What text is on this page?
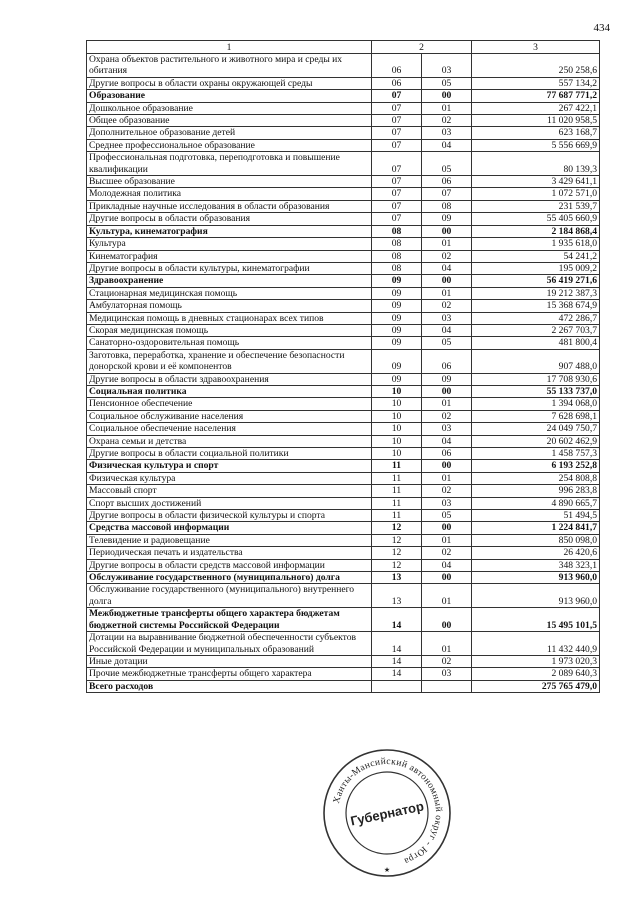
434
1	2		3
Охрана объектов растительного и животного мира и среды их обитания	06	03	250 258,6
Другие вопросы в области охраны окружающей среды	06	05	557 134,2
Образование	07	00	77 687 771,2
Дошкольное образование	07	01	267 422,1
Общее образование	07	02	11 020 958,5
Дополнительное образование детей	07	03	623 168,7
Среднее профессиональное образование	07	04	5 556 669,9
Профессиональная подготовка, переподготовка и повышение квалификации	07	05	80 139,3
Высшее образование	07	06	3 429 641,1
Молодежная политика	07	07	1 072 571,0
Прикладные научные исследования в области образования	07	08	231 539,7
Другие вопросы в области образования	07	09	55 405 660,9
Культура, кинематография	08	00	2 184 868,4
Культура	08	01	1 935 618,0
Кинематография	08	02	54 241,2
Другие вопросы в области культуры, кинематографии	08	04	195 009,2
Здравоохранение	09	00	56 419 271,6
Стационарная медицинская помощь	09	01	19 212 387,3
Амбулаторная помощь	09	02	15 368 674,9
Медицинская помощь в дневных стационарах всех типов	09	03	472 286,7
Скорая медицинская помощь	09	04	2 267 703,7
Санаторно-оздоровительная помощь	09	05	481 800,4
Заготовка, переработка, хранение и обеспечение безопасности донорской крови и её компонентов	09	06	907 488,0
Другие вопросы в области здравоохранения	09	09	17 708 930,6
Социальная политика	10	00	55 133 737,0
Пенсионное обеспечение	10	01	1 394 068,0
Социальное обслуживание населения	10	02	7 628 698,1
Социальное обеспечение населения	10	03	24 049 750,7
Охрана семьи и детства	10	04	20 602 462,9
Другие вопросы в области социальной политики	10	06	1 458 757,3
Физическая культура и спорт	11	00	6 193 252,8
Физическая культура	11	01	254 808,8
Массовый спорт	11	02	996 283,8
Спорт высших достижений	11	03	4 890 665,7
Другие вопросы в области физической культуры и спорта	11	05	51 494,5
Средства массовой информации	12	00	1 224 841,7
Телевидение и радиовещание	12	01	850 098,0
Периодическая печать и издательства	12	02	26 420,6
Другие вопросы в области средств массовой информации	12	04	348 323,1
Обслуживание государственного (муниципального) долга	13	00	913 960,0
Обслуживание государственного (муниципального) внутреннего долга	13	01	913 960,0
Межбюджетные трансферты общего характера бюджетам бюджетной системы Российской Федерации	14	00	15 495 101,5
Дотации на выравнивание бюджетной обеспеченности субъектов Российской Федерации и муниципальных образований	14	01	11 432 440,9
Иные дотации	14	02	1 973 020,3
Прочие межбюджетные трансферты общего характера	14	03	2 089 640,3
Всего расходов			275 765 479,0
Ханты-Мансийский автономный округ - Югра
Губернатор
★
